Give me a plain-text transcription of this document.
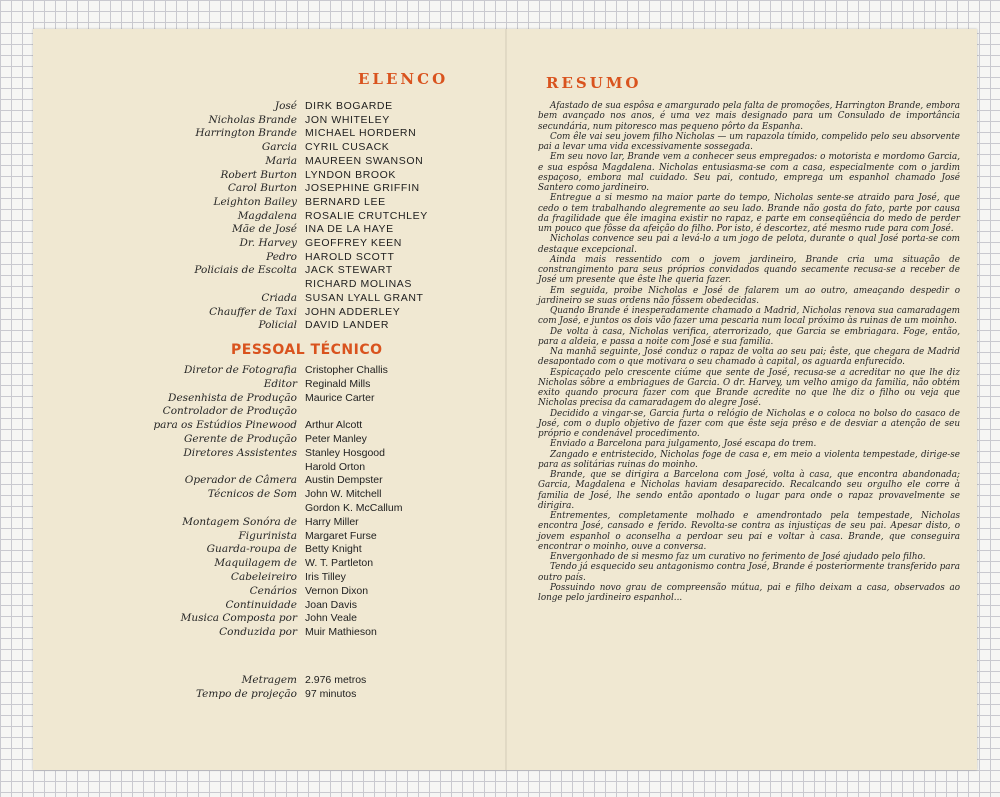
ELENCO	RESUMO
PESSOAL TÉCNICO
José DIRK BOGARDE
Nicholas Brande JON WHITELEY
Harrington Brande MICHAEL HORDERN
Garcia CYRIL CUSACK
Maria MAUREEN SWANSON
Robert Burton LYNDON BROOK
Carol Burton JOSEPHINE GRIFFIN
Leighton Bailey BERNARD LEE
Magdalena ROSALIE CRUTCHLEY
Mãe de José INA DE LA HAYE
Dr. Harvey GEOFFREY KEEN
Pedro HAROLD SCOTT
Policiais de Escolta JACK STEWART
RICHARD MOLINAS
Criada SUSAN LYALL GRANT
Chauffer de Taxi JOHN ADDERLEY
Policial DAVID LANDER
Diretor de Fotografia Cristopher Challis
Editor Reginald Mills
Desenhista de Produção Maurice Carter
Controlador de Produção
para os Estúdios Pinewood Arthur Alcott
Gerente de Produção Peter Manley
Diretores Assistentes Stanley Hosgood
Harold Orton
Operador de Câmera Austin Dempster
Técnicos de Som John W. Mitchell
Gordon K. McCallum
Montagem Sonóra de Harry Miller
Figurinista Margaret Furse
Guarda-roupa de Betty Knight
Maquilagem de W. T. Partleton
Cabeleireiro Iris Tilley
Cenários Vernon Dixon
Continuidade Joan Davis
Musica Composta por John Veale
Conduzida por Muir Mathieson
Metragem 2.976 metros
Tempo de projeção 97 minutos

Afastado de sua espôsa e amargurado pela falta de promoções, Harrington Brande, embora bem avançado nos anos, é uma vez mais designado para um Consulado de importância secundária, num pitoresco mas pequeno pôrto da Espanha.

Com êle vai seu jovem filho Nicholas — um rapazola tímido, compelido pelo seu absorvente pai a levar uma vida excessivamente sossegada.

Em seu novo lar, Brande vem a conhecer seus empregados: o motorista e mordomo Garcia, e sua espôsa Magdalena. Nicholas entusiasma-se com a casa, especialmente com o jardim espaçoso, embora mal cuidado. Seu pai, contudo, emprega um espanhol chamado José Santero como jardineiro.

Entregue a si mesmo na maior parte do tempo, Nicholas sente-se atraido para José, que cedo o tem trabalhando alegremente ao seu lado. Brande não gosta do fato, parte por causa da fragilidade que êle imagina existir no rapaz, e parte em conseqüência do medo de perder um pouco que fôsse da afeição do filho. Por isto, é descortez, até mesmo rude para com José.

Nicholas convence seu pai a levá-lo a um jogo de pelota, durante o qual José porta-se com destaque excepcional.

Ainda mais ressentido com o jovem jardineiro, Brande cria uma situação de constrangimento para seus próprios convidados quando secamente recusa-se a receber de José um presente que êste lhe queria fazer.

Em seguida, proibe Nicholas e José de falarem um ao outro, ameaçando despedir o jardineiro se suas ordens não fôssem obedecidas.

Quando Brande é inesperadamente chamado a Madrid, Nicholas renova sua camaradagem com José, e juntos os dois vão fazer uma pescaria num local próximo às ruinas de um moinho.

De volta à casa, Nicholas verifica, aterrorizado, que Garcia se embriagara. Foge, então, para a aldeia, e passa a noite com José e sua familia.

Na manhã seguinte, José conduz o rapaz de volta ao seu pai; êste, que chegara de Madrid desapontado com o que motivara o seu chamado à capital, os aguarda enfurecido.

Espicaçado pelo crescente ciúme que sente de José, recusa-se a acreditar no que lhe diz Nicholas sôbre a embriagues de Garcia. O dr. Harvey, um velho amigo da familia, não obtém exito quando procura fazer com que Brande acredite no que lhe diz o filho ou veja que Nicholas precisa da camaradagem do alegre José.

Decidido a vingar-se, Garcia furta o relógio de Nicholas e o coloca no bolso do casaco de José, com o duplo objetivo de fazer com que êste seja prêso e de desviar a atenção de seu próprio e condenável procedimento.

Enviado a Barcelona para julgamento, José escapa do trem.

Zangado e entristecido, Nicholas foge de casa e, em meio a violenta tempestade, dirige-se para as solitárias ruinas do moinho.

Brande, que se dirigira a Barcelona com José, volta à casa, que encontra abandonada; Garcia, Magdalena e Nicholas haviam desaparecido. Recalcando seu orgulho ele corre à familia de José, lhe sendo então apontado o lugar para onde o rapaz provavelmente se dirigira.

Entrementes, completamente molhado e amendrontado pela tempestade, Nicholas encontra José, cansado e ferido. Revolta-se contra as injustiças de seu pai. Apesar disto, o jovem espanhol o aconselha a perdoar seu pai e voltar à casa. Brande, que conseguira encontrar o moinho, ouve a conversa.

Envergonhado de si mesmo faz um curativo no ferimento de José ajudado pelo filho.

Tendo já esquecido seu antagonismo contra José, Brande é posteriormente transferido para outro país.

Possuindo novo grau de compreensão mútua, pai e filho deixam a casa, observados ao longe pelo jardineiro espanhol...
